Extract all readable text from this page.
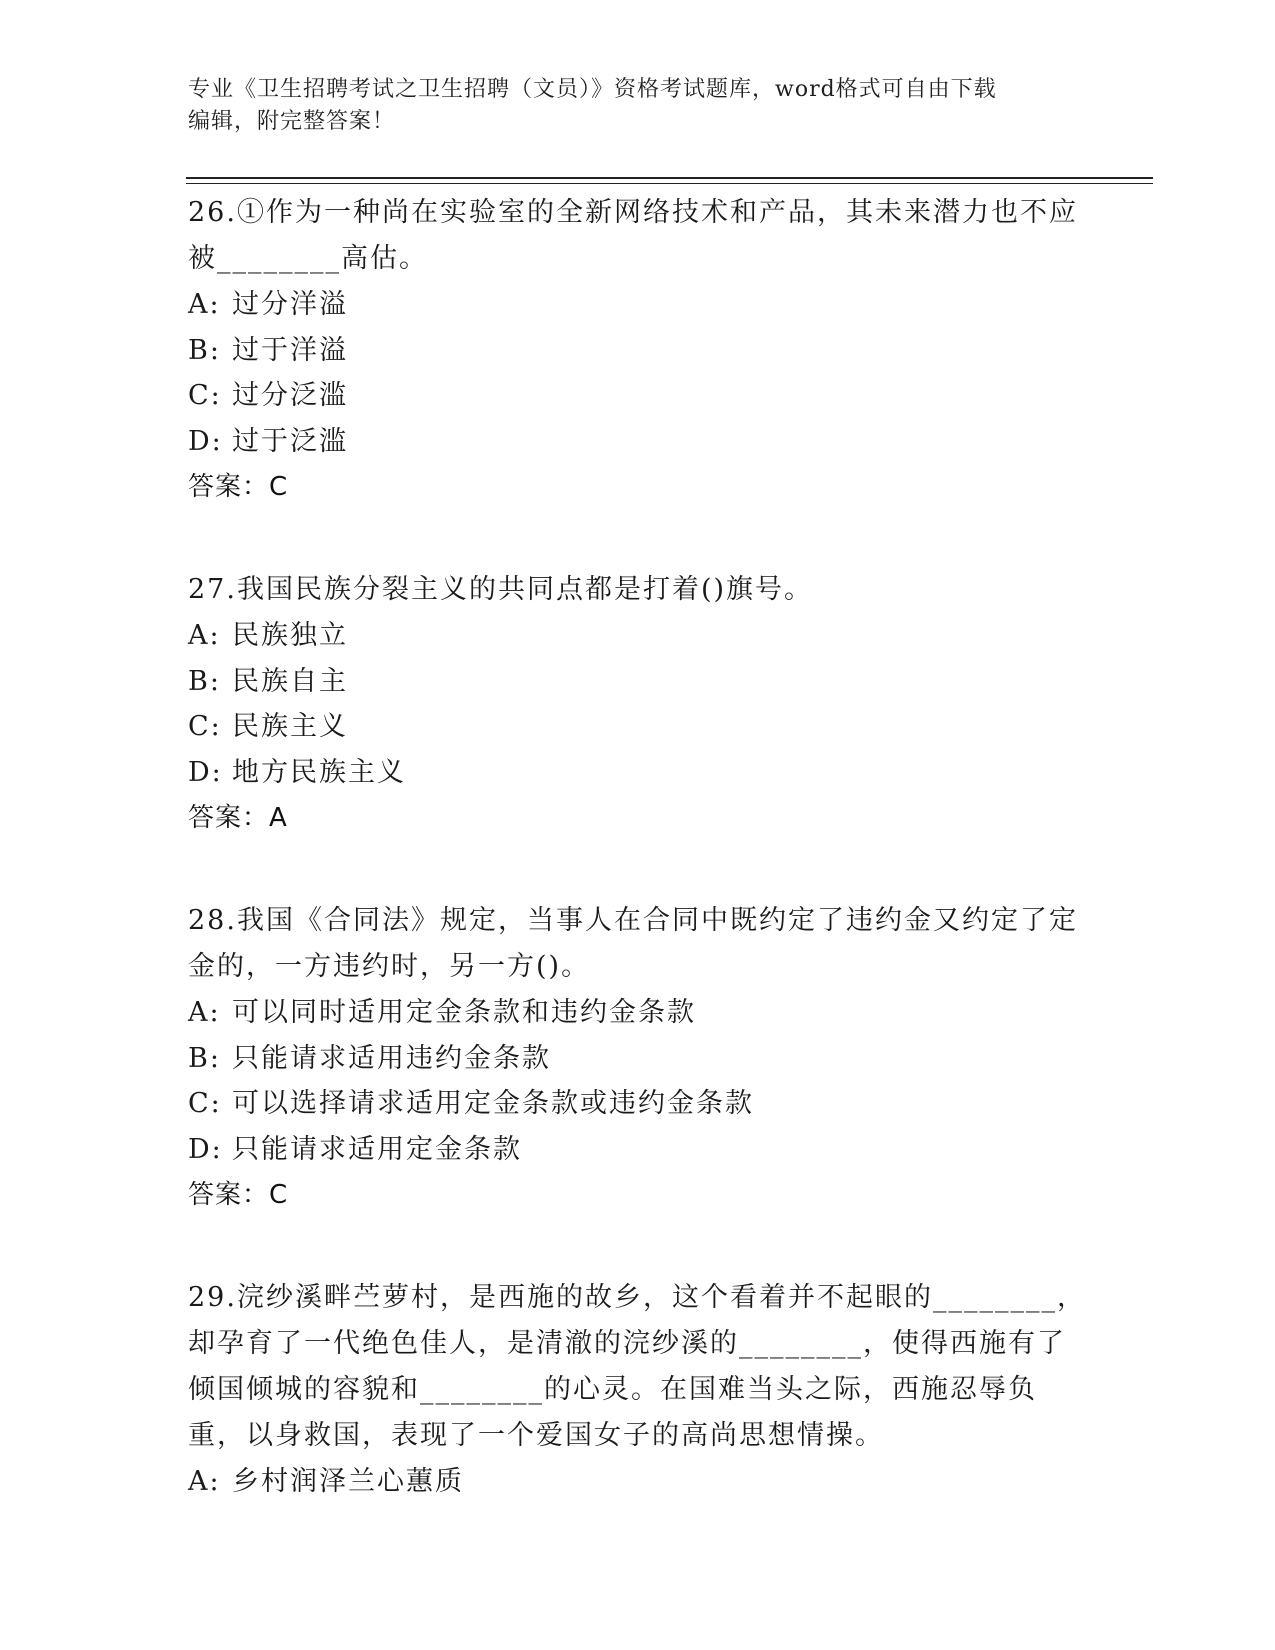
专业《卫生招聘考试之卫生招聘（文员）》资格考试题库，word格式可自由下载
编辑，附完整答案！

26.①作为一种尚在实验室的全新网络技术和产品，其未来潜力也不应被________高估。

A: 过分洋溢

B: 过于洋溢

C: 过分泛滥

D: 过于泛滥

答案：C

27.我国民族分裂主义的共同点都是打着()旗号。

A: 民族独立

B: 民族自主

C: 民族主义

D: 地方民族主义

答案：A

28.我国《合同法》规定，当事人在合同中既约定了违约金又约定了定金的，一方违约时，另一方()。

A: 可以同时适用定金条款和违约金条款

B: 只能请求适用违约金条款

C: 可以选择请求适用定金条款或违约金条款

D: 只能请求适用定金条款

答案：C

29.浣纱溪畔苎萝村，是西施的故乡，这个看着并不起眼的________，却孕育了一代绝色佳人，是清澈的浣纱溪的________，使得西施有了倾国倾城的容貌和________的心灵。在国难当头之际，西施忍辱负重，以身救国，表现了一个爱国女子的高尚思想情操。

A: 乡村润泽兰心蕙质
